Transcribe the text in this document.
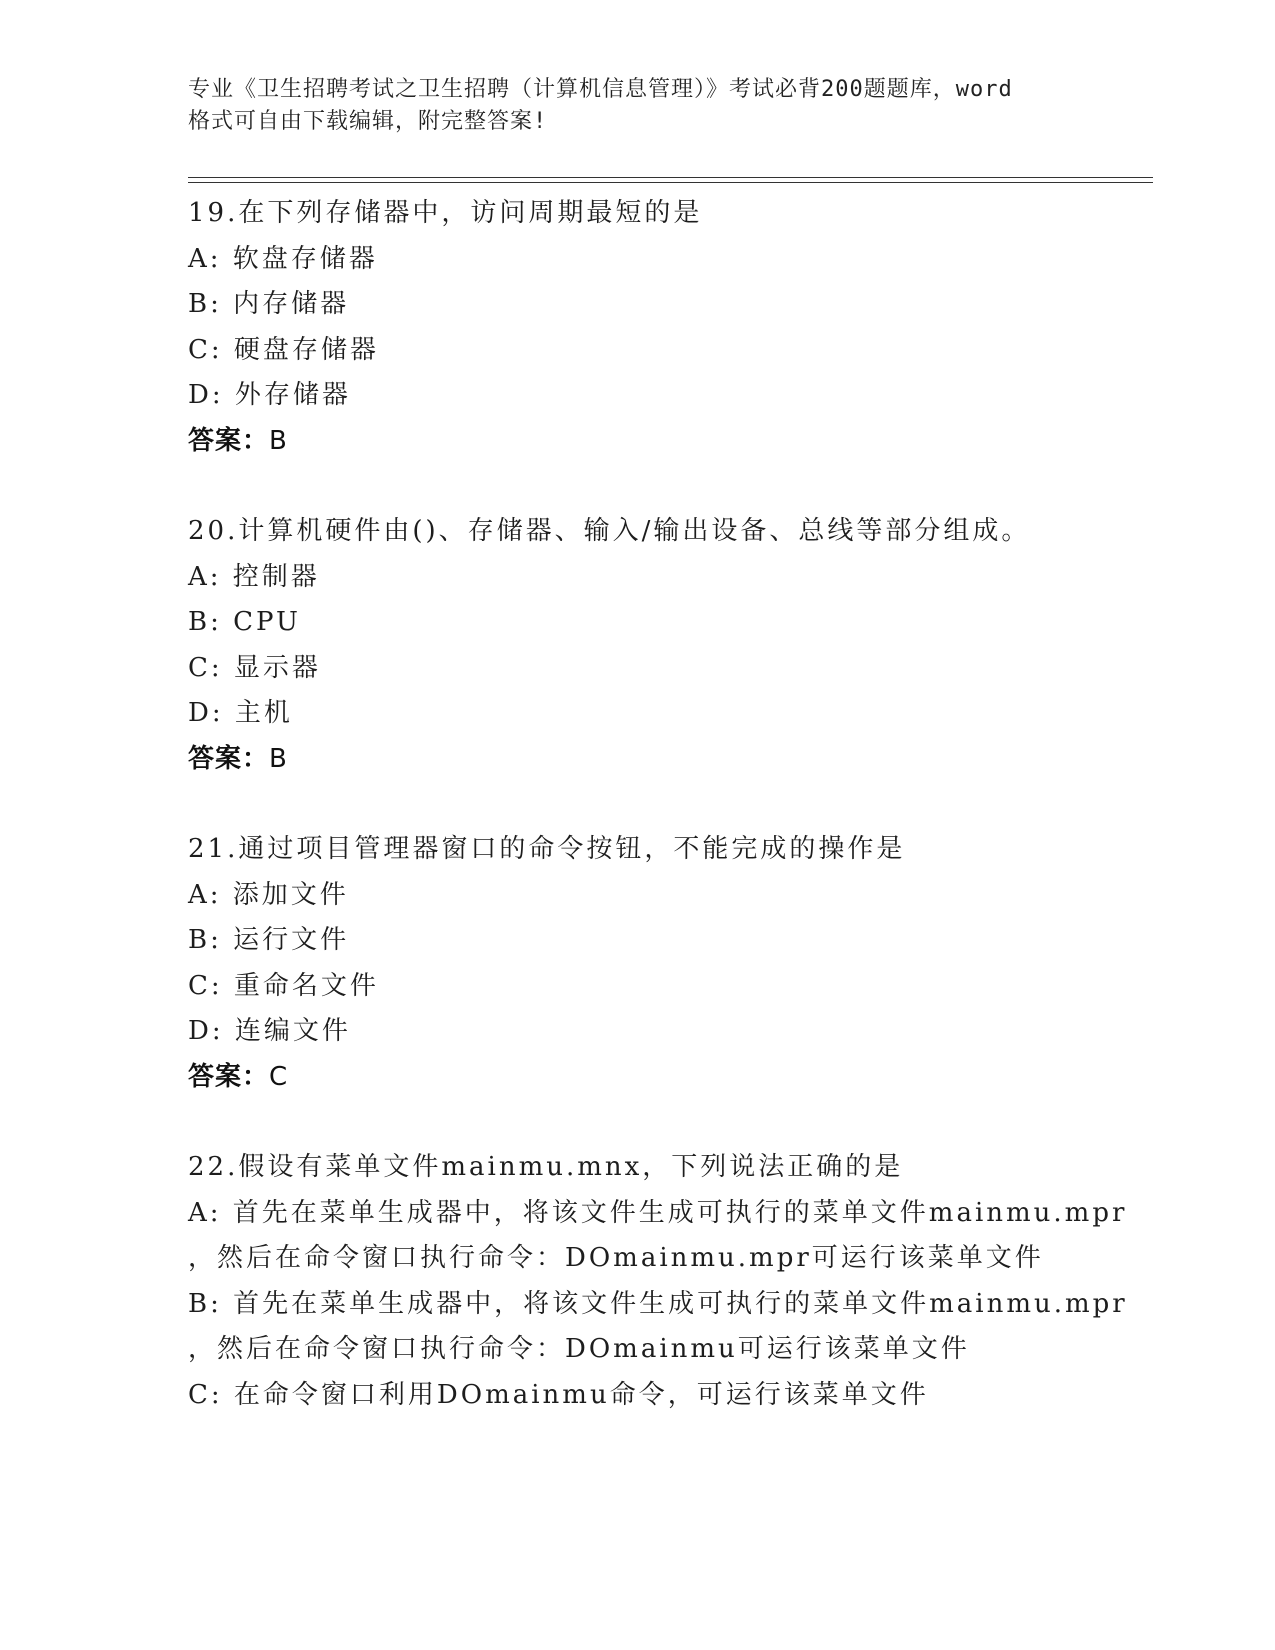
专业《卫生招聘考试之卫生招聘（计算机信息管理）》考试必背200题题库，word
格式可自由下载编辑，附完整答案!
19.在下列存储器中，访问周期最短的是
A: 软盘存储器
B: 内存储器
C: 硬盘存储器
D: 外存储器
答案：B
20.计算机硬件由()、存储器、输入/输出设备、总线等部分组成。
A: 控制器
B: CPU
C: 显示器
D: 主机
答案：B
21.通过项目管理器窗口的命令按钮，不能完成的操作是
A: 添加文件
B: 运行文件
C: 重命名文件
D: 连编文件
答案：C
22.假设有菜单文件mainmu.mnx，下列说法正确的是
A: 首先在菜单生成器中，将该文件生成可执行的菜单文件mainmu.mpr
，然后在命令窗口执行命令：DOmainmu.mpr可运行该菜单文件
B: 首先在菜单生成器中，将该文件生成可执行的菜单文件mainmu.mpr
，然后在命令窗口执行命令：DOmainmu可运行该菜单文件
C: 在命令窗口利用DOmainmu命令，可运行该菜单文件
